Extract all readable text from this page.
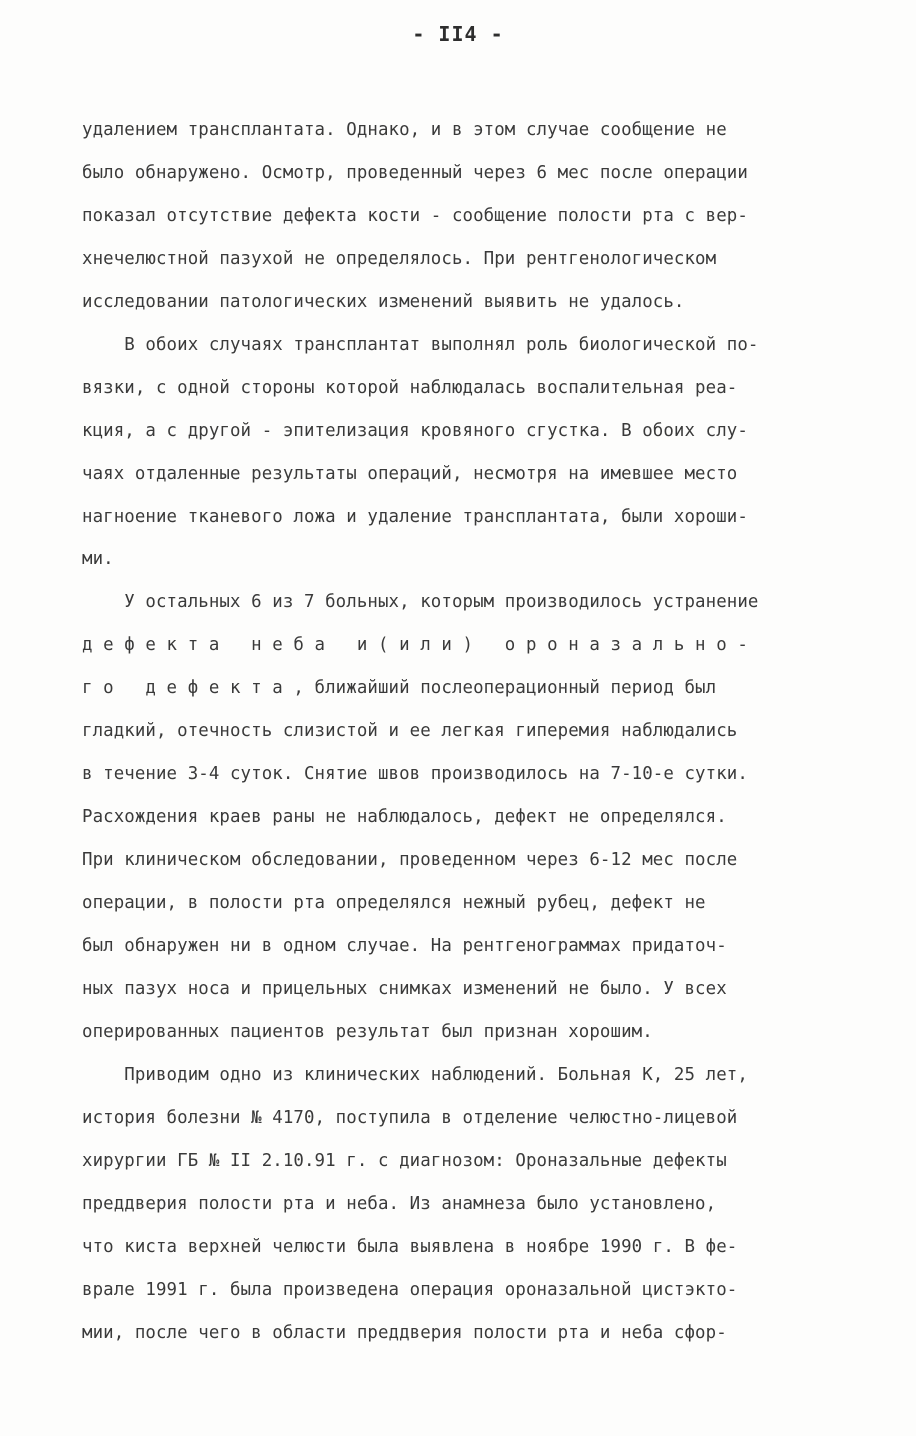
- II4 -
удалением трансплантата. Однако, и в этом случае сообщение не
было обнаружено. Осмотр, проведенный через 6 мес после операции
показал отсутствие дефекта кости - сообщение полости рта с вер-
хнечелюстной пазухой не определялось. При рентгенологическом
исследовании патологических изменений выявить не удалось.
В обоих случаях трансплантат выполнял роль биологической по-
вязки, с одной стороны которой наблюдалась воспалительная реа-
кция, а с другой - эпителизация кровяного сгустка. В обоих слу-
чаях отдаленные результаты операций, несмотря на имевшее место
нагноение тканевого ложа и удаление трансплантата, были хороши-
ми.
У остальных 6 из 7 больных, которым производилось устранение
д е ф е к т а   н е б а   и ( и л и )   о р о н а з а л ь н о -
г о   д е ф е к т а , ближайший послеоперационный период был
гладкий, отечность слизистой и ее легкая гиперемия наблюдались
в течение 3-4 суток. Снятие швов производилось на 7-10-е сутки.
Расхождения краев раны не наблюдалось, дефект не определялся.
При клиническом обследовании, проведенном через 6-12 мес после
операции, в полости рта определялся нежный рубец, дефект не
был обнаружен ни в одном случае. На рентгенограммах придаточ-
ных пазух носа и прицельных снимках изменений не было. У всех
оперированных пациентов результат был признан хорошим.
Приводим одно из клинических наблюдений. Больная К, 25 лет,
история болезни № 4170, поступила в отделение челюстно-лицевой
хирургии ГБ № II 2.10.91 г. с диагнозом: Ороназальные дефекты
преддверия полости рта и неба. Из анамнеза было установлено,
что киста верхней челюсти была выявлена в ноябре 1990 г. В фе-
врале 1991 г. была произведена операция ороназальной цистэкто-
мии, после чего в области преддверия полости рта и неба сфор-
